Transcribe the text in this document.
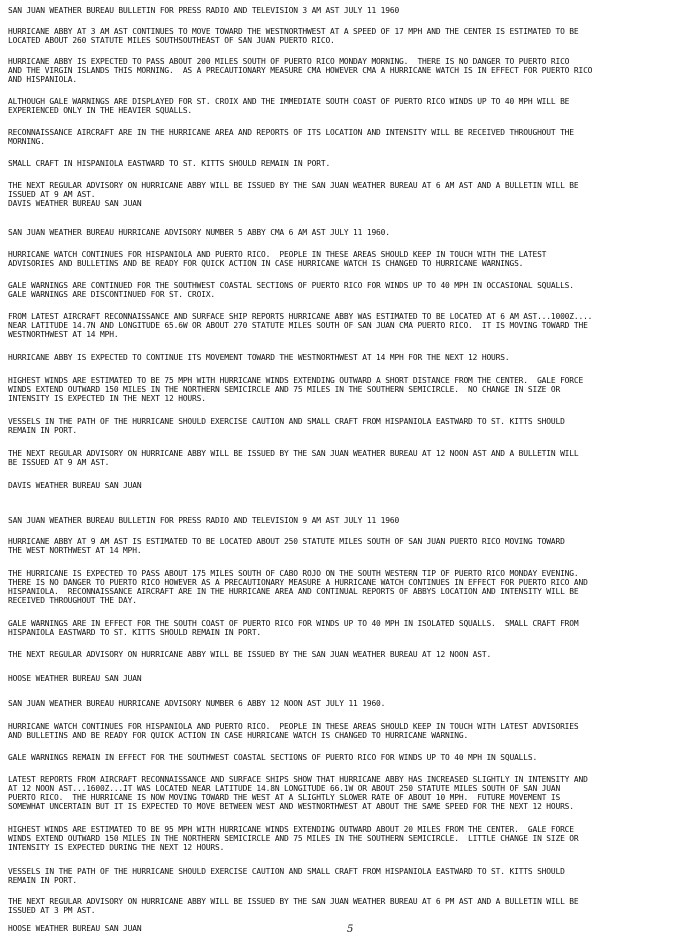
SAN JUAN WEATHER BUREAU BULLETIN FOR PRESS RADIO AND TELEVISION 3 AM AST JULY 11 1960
HURRICANE ABBY AT 3 AM AST CONTINUES TO MOVE TOWARD THE WESTNORTHWEST AT A SPEED OF 17 MPH AND THE CENTER IS ESTIMATED TO BE
LOCATED ABOUT 260 STATUTE MILES SOUTHSOUTHEAST OF SAN JUAN PUERTO RICO.
HURRICANE ABBY IS EXPECTED TO PASS ABOUT 200 MILES SOUTH OF PUERTO RICO MONDAY MORNING.  THERE IS NO DANGER TO PUERTO RICO
AND THE VIRGIN ISLANDS THIS MORNING.  AS A PRECAUTIONARY MEASURE CMA HOWEVER CMA A HURRICANE WATCH IS IN EFFECT FOR PUERTO RICO
AND HISPANIOLA.
ALTHOUGH GALE WARNINGS ARE DISPLAYED FOR ST. CROIX AND THE IMMEDIATE SOUTH COAST OF PUERTO RICO WINDS UP TO 40 MPH WILL BE
EXPERIENCED ONLY IN THE HEAVIER SQUALLS.
RECONNAISSANCE AIRCRAFT ARE IN THE HURRICANE AREA AND REPORTS OF ITS LOCATION AND INTENSITY WILL BE RECEIVED THROUGHOUT THE
MORNING.
SMALL CRAFT IN HISPANIOLA EASTWARD TO ST. KITTS SHOULD REMAIN IN PORT.
THE NEXT REGULAR ADVISORY ON HURRICANE ABBY WILL BE ISSUED BY THE SAN JUAN WEATHER BUREAU AT 6 AM AST AND A BULLETIN WILL BE
ISSUED AT 9 AM AST.
DAVIS WEATHER BUREAU SAN JUAN
SAN JUAN WEATHER BUREAU HURRICANE ADVISORY NUMBER 5 ABBY CMA 6 AM AST JULY 11 1960.
HURRICANE WATCH CONTINUES FOR HISPANIOLA AND PUERTO RICO.  PEOPLE IN THESE AREAS SHOULD KEEP IN TOUCH WITH THE LATEST
ADVISORIES AND BULLETINS AND BE READY FOR QUICK ACTION IN CASE HURRICANE WATCH IS CHANGED TO HURRICANE WARNINGS.
GALE WARNINGS ARE CONTINUED FOR THE SOUTHWEST COASTAL SECTIONS OF PUERTO RICO FOR WINDS UP TO 40 MPH IN OCCASIONAL SQUALLS.
GALE WARNINGS ARE DISCONTINUED FOR ST. CROIX.
FROM LATEST AIRCRAFT RECONNAISSANCE AND SURFACE SHIP REPORTS HURRICANE ABBY WAS ESTIMATED TO BE LOCATED AT 6 AM AST...1000Z....
NEAR LATITUDE 14.7N AND LONGITUDE 65.6W OR ABOUT 270 STATUTE MILES SOUTH OF SAN JUAN CMA PUERTO RICO.  IT IS MOVING TOWARD THE
WESTNORTHWEST AT 14 MPH.
HURRICANE ABBY IS EXPECTED TO CONTINUE ITS MOVEMENT TOWARD THE WESTNORTHWEST AT 14 MPH FOR THE NEXT 12 HOURS.
HIGHEST WINDS ARE ESTIMATED TO BE 75 MPH WITH HURRICANE WINDS EXTENDING OUTWARD A SHORT DISTANCE FROM THE CENTER.  GALE FORCE
WINDS EXTEND OUTWARD 150 MILES IN THE NORTHERN SEMICIRCLE AND 75 MILES IN THE SOUTHERN SEMICIRCLE.  NO CHANGE IN SIZE OR
INTENSITY IS EXPECTED IN THE NEXT 12 HOURS.
VESSELS IN THE PATH OF THE HURRICANE SHOULD EXERCISE CAUTION AND SMALL CRAFT FROM HISPANIOLA EASTWARD TO ST. KITTS SHOULD
REMAIN IN PORT.
THE NEXT REGULAR ADVISORY ON HURRICANE ABBY WILL BE ISSUED BY THE SAN JUAN WEATHER BUREAU AT 12 NOON AST AND A BULLETIN WILL
BE ISSUED AT 9 AM AST.
DAVIS WEATHER BUREAU SAN JUAN
SAN JUAN WEATHER BUREAU BULLETIN FOR PRESS RADIO AND TELEVISION 9 AM AST JULY 11 1960
HURRICANE ABBY AT 9 AM AST IS ESTIMATED TO BE LOCATED ABOUT 250 STATUTE MILES SOUTH OF SAN JUAN PUERTO RICO MOVING TOWARD
THE WEST NORTHWEST AT 14 MPH.
THE HURRICANE IS EXPECTED TO PASS ABOUT 175 MILES SOUTH OF CABO ROJO ON THE SOUTH WESTERN TIP OF PUERTO RICO MONDAY EVENING.
THERE IS NO DANGER TO PUERTO RICO HOWEVER AS A PRECAUTIONARY MEASURE A HURRICANE WATCH CONTINUES IN EFFECT FOR PUERTO RICO AND
HISPANIOLA.  RECONNAISSANCE AIRCRAFT ARE IN THE HURRICANE AREA AND CONTINUAL REPORTS OF ABBYS LOCATION AND INTENSITY WILL BE
RECEIVED THROUGHOUT THE DAY.
GALE WARNINGS ARE IN EFFECT FOR THE SOUTH COAST OF PUERTO RICO FOR WINDS UP TO 40 MPH IN ISOLATED SQUALLS.  SMALL CRAFT FROM
HISPANIOLA EASTWARD TO ST. KITTS SHOULD REMAIN IN PORT.
THE NEXT REGULAR ADVISORY ON HURRICANE ABBY WILL BE ISSUED BY THE SAN JUAN WEATHER BUREAU AT 12 NOON AST.
HOOSE WEATHER BUREAU SAN JUAN
SAN JUAN WEATHER BUREAU HURRICANE ADVISORY NUMBER 6 ABBY 12 NOON AST JULY 11 1960.
HURRICANE WATCH CONTINUES FOR HISPANIOLA AND PUERTO RICO.  PEOPLE IN THESE AREAS SHOULD KEEP IN TOUCH WITH LATEST ADVISORIES
AND BULLETINS AND BE READY FOR QUICK ACTION IN CASE HURRICANE WATCH IS CHANGED TO HURRICANE WARNING.
GALE WARNINGS REMAIN IN EFFECT FOR THE SOUTHWEST COASTAL SECTIONS OF PUERTO RICO FOR WINDS UP TO 40 MPH IN SQUALLS.
LATEST REPORTS FROM AIRCRAFT RECONNAISSANCE AND SURFACE SHIPS SHOW THAT HURRICANE ABBY HAS INCREASED SLIGHTLY IN INTENSITY AND
AT 12 NOON AST...1600Z...IT WAS LOCATED NEAR LATITUDE 14.8N LONGITUDE 66.1W OR ABOUT 250 STATUTE MILES SOUTH OF SAN JUAN
PUERTO RICO.  THE HURRICANE IS NOW MOVING TOWARD THE WEST AT A SLIGHTLY SLOWER RATE OF ABOUT 10 MPH.  FUTURE MOVEMENT IS
SOMEWHAT UNCERTAIN BUT IT IS EXPECTED TO MOVE BETWEEN WEST AND WESTNORTHWEST AT ABOUT THE SAME SPEED FOR THE NEXT 12 HOURS.
HIGHEST WINDS ARE ESTIMATED TO BE 95 MPH WITH HURRICANE WINDS EXTENDING OUTWARD ABOUT 20 MILES FROM THE CENTER.  GALE FORCE
WINDS EXTEND OUTWARD 150 MILES IN THE NORTHERN SEMICIRCLE AND 75 MILES IN THE SOUTHERN SEMICIRCLE.  LITTLE CHANGE IN SIZE OR
INTENSITY IS EXPECTED DURING THE NEXT 12 HOURS.
VESSELS IN THE PATH OF THE HURRICANE SHOULD EXERCISE CAUTION AND SMALL CRAFT FROM HISPANIOLA EASTWARD TO ST. KITTS SHOULD
REMAIN IN PORT.
THE NEXT REGULAR ADVISORY ON HURRICANE ABBY WILL BE ISSUED BY THE SAN JUAN WEATHER BUREAU AT 6 PM AST AND A BULLETIN WILL BE
ISSUED AT 3 PM AST.
HOOSE WEATHER BUREAU SAN JUAN	5
